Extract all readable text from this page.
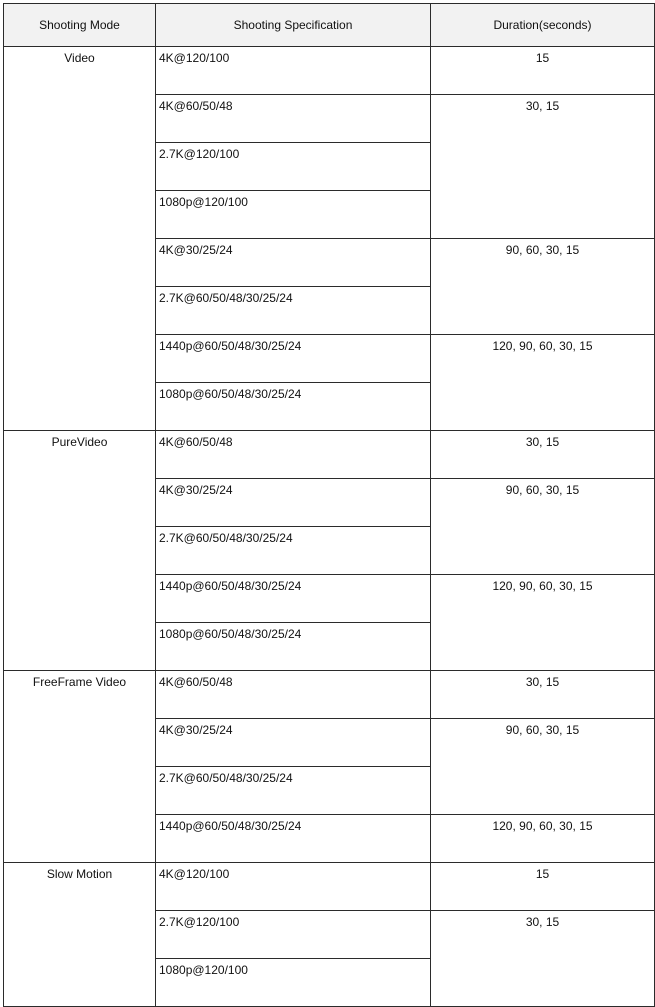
Shooting Mode	Shooting Specification	Duration(seconds)
Video	4K@120/100	15
	4K@60/50/48	30, 15
	2.7K@120/100	
	1080p@120/100	
	4K@30/25/24	90, 60, 30, 15
	2.7K@60/50/48/30/25/24	
	1440p@60/50/48/30/25/24	120, 90, 60, 30, 15
	1080p@60/50/48/30/25/24	
PureVideo	4K@60/50/48	30, 15
	4K@30/25/24	90, 60, 30, 15
	2.7K@60/50/48/30/25/24	
	1440p@60/50/48/30/25/24	120, 90, 60, 30, 15
	1080p@60/50/48/30/25/24	
FreeFrame Video	4K@60/50/48	30, 15
	4K@30/25/24	90, 60, 30, 15
	2.7K@60/50/48/30/25/24	
	1440p@60/50/48/30/25/24	120, 90, 60, 30, 15
Slow Motion	4K@120/100	15
	2.7K@120/100	30, 15
	1080p@120/100	
